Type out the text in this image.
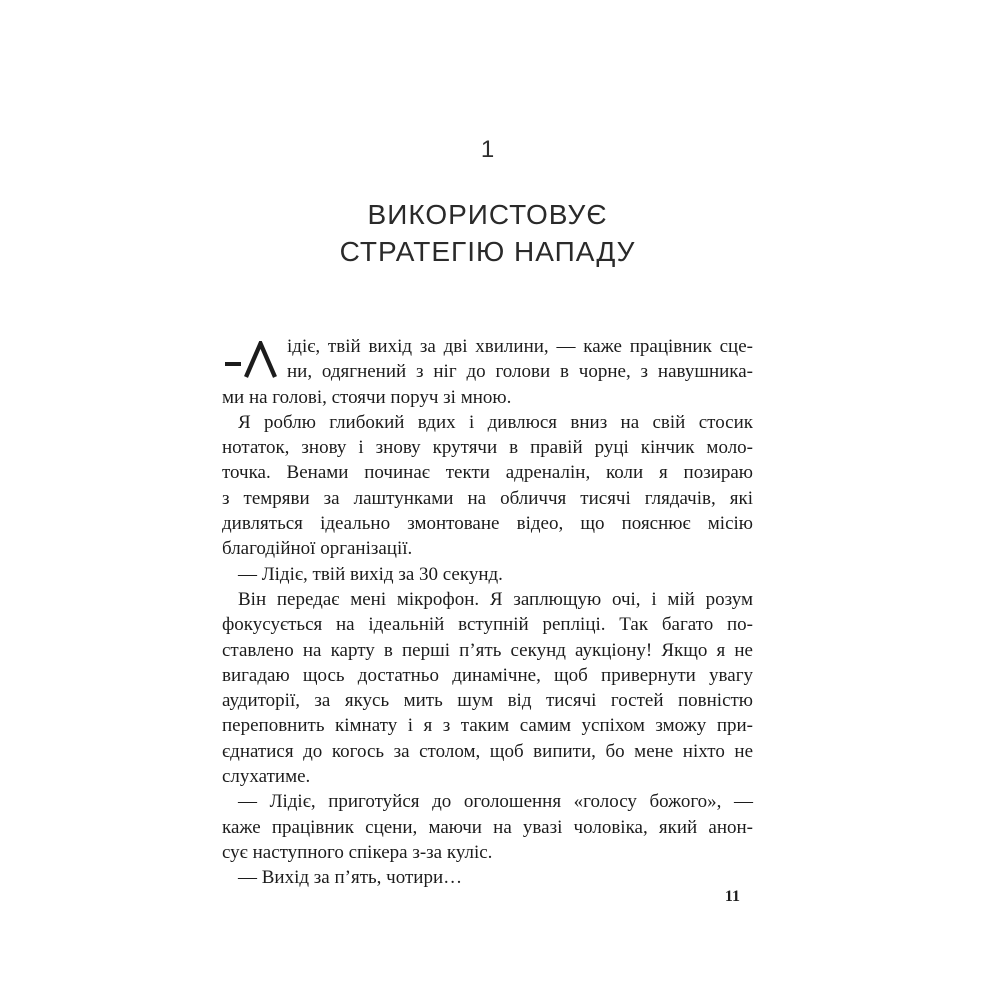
1
ВИКОРИСТОВУЄ
СТРАТЕГІЮ НАПАДУ
ідіє, твій вихід за дві хвилини, — каже працівник сце-
ни, одягнений з ніг до голови в чорне, з навушника-
ми на голові, стоячи поруч зі мною.
Я роблю глибокий вдих і дивлюся вниз на свій стосик
нотаток, знову і знову крутячи в правій руці кінчик моло-
точка. Венами починає текти адреналін, коли я позираю
з темряви за лаштунками на обличчя тисячі глядачів, які
дивляться ідеально змонтоване відео, що пояснює місію
благодійної організації.
— Лідіє, твій вихід за 30 секунд.
Він передає мені мікрофон. Я заплющую очі, і мій розум
фокусується на ідеальній вступній репліці. Так багато по-
ставлено на карту в перші п’ять секунд аукціону! Якщо я не
вигадаю щось достатньо динамічне, щоб привернути увагу
аудиторії, за якусь мить шум від тисячі гостей повністю
переповнить кімнату і я з таким самим успіхом зможу при-
єднатися до когось за столом, щоб випити, бо мене ніхто не
слухатиме.
— Лідіє, приготуйся до оголошення «голосу божого», —
каже працівник сцени, маючи на увазі чоловіка, який анон-
сує наступного спікера з-за куліс.
— Вихід за п’ять, чотири…
11
